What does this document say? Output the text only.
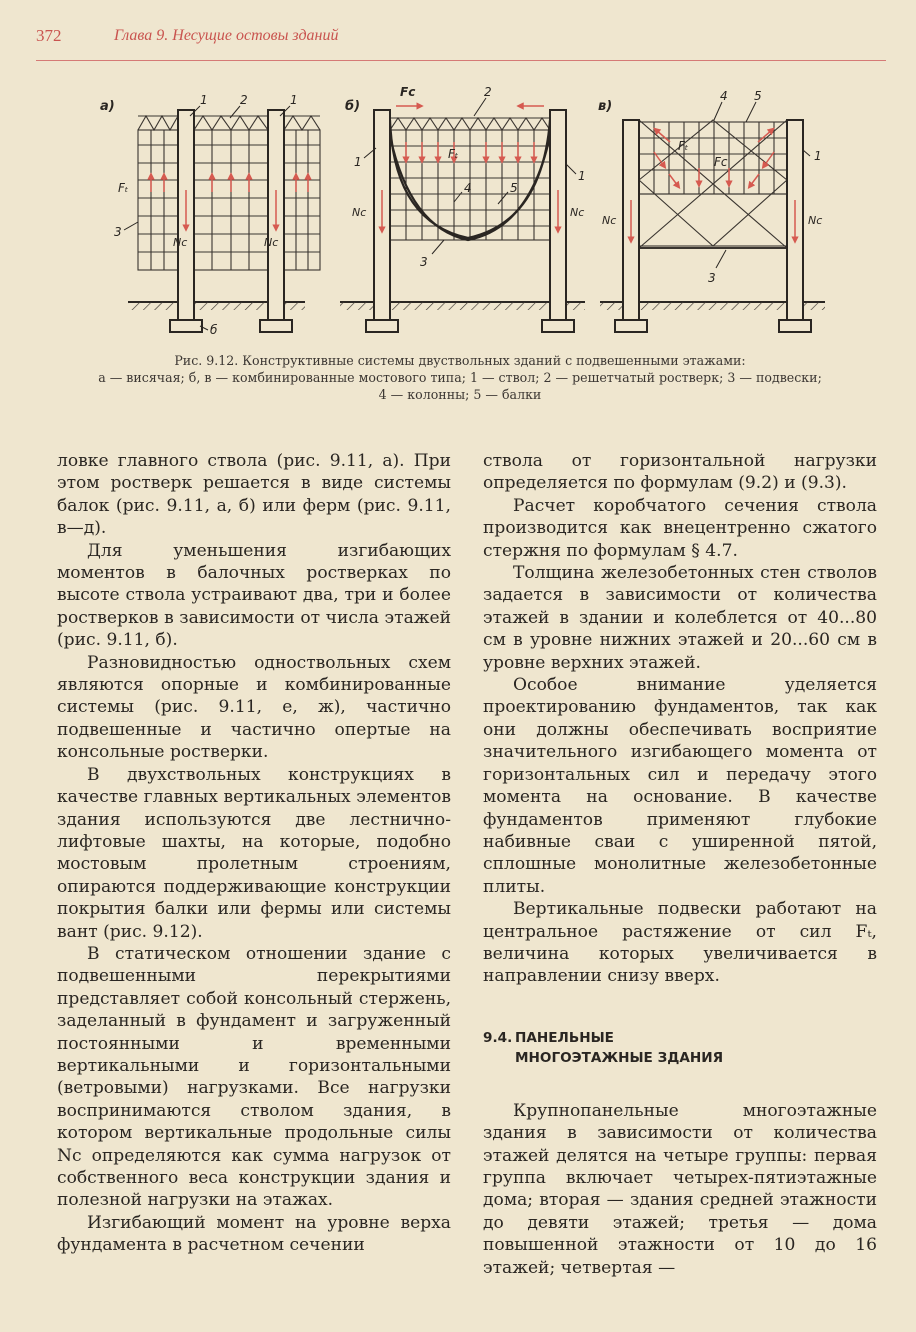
372	Глава 9. Несущие остовы зданий
а)	1	2	1
Fₜ
3
Nс	Nс
б
б)
Fс	2
1
1
Fₜ
4	5
Nс	Nс
3
в)
4 5
Fₜ
Fс	1
Nс	Nс
3
Рис. 9.12. Конструктивные системы двуствольных зданий с подвешенными этажами:
а — висячая; б, в — комбинированные мостового типа; 1 — ствол; 2 — решетчатый ростверк; 3 — подвески;
4 — колонны; 5 — балки

ловке главного ствола (рис. 9.11, а). При этом ростверк решается в виде системы балок (рис. 9.11, а, б) или ферм (рис. 9.11, в—д).

Для уменьшения изгибающих моментов в балочных ростверках по высоте ствола устраивают два, три и более ростверков в зависимости от числа этажей (рис. 9.11, б).

Разновидностью одноствольных схем являются опорные и комбинированные системы (рис. 9.11, е, ж), частично подвешенные и частично опертые на консольные ростверки.

В двухствольных конструкциях в качестве главных вертикальных элементов здания используются две лестнично-лифтовые шахты, на которые, подобно мостовым пролетным строениям, опираются поддерживающие конструкции покрытия балки или фермы или системы вант (рис. 9.12).

В статическом отношении здание с подвешенными перекрытиями представляет собой консольный стержень, заделанный в фундамент и загруженный постоянными и временными вертикальными и горизонтальными (ветровыми) нагрузками. Все нагрузки воспринимаются стволом здания, в котором вертикальные продольные силы Nс определяются как сумма нагрузок от собственного веса конструкции здания и полезной нагрузки на этажах.

Изгибающий момент на уровне верха фундамента в расчетном сечении

ствола от горизонтальной нагрузки определяется по формулам (9.2) и (9.3).

Расчет коробчатого сечения ствола производится как внецентренно сжатого стержня по формулам § 4.7.

Толщина железобетонных стен стволов задается в зависимости от количества этажей в здании и колеблется от 40...80 см в уровне нижних этажей и 20...60 см в уровне верхних этажей.

Особое внимание уделяется проектированию фундаментов, так как они должны обеспечивать восприятие значительного изгибающего момента от горизонтальных сил и передачу этого момента на основание. В качестве фундаментов применяют глубокие набивные сваи с уширенной пятой, сплошные монолитные железобетонные плиты.

Вертикальные подвески работают на центральное растяжение от сил Fₜ, величина которых увеличивается в направлении снизу вверх.

9.4. ПАНЕЛЬНЫЕ
МНОГОЭТАЖНЫЕ ЗДАНИЯ

Крупнопанельные многоэтажные здания в зависимости от количества этажей делятся на четыре группы: первая группа включает четырех-пятиэтажные дома; вторая — здания средней этажности до девяти этажей; третья — дома повышенной этажности от 10 до 16 этажей; четвертая —
